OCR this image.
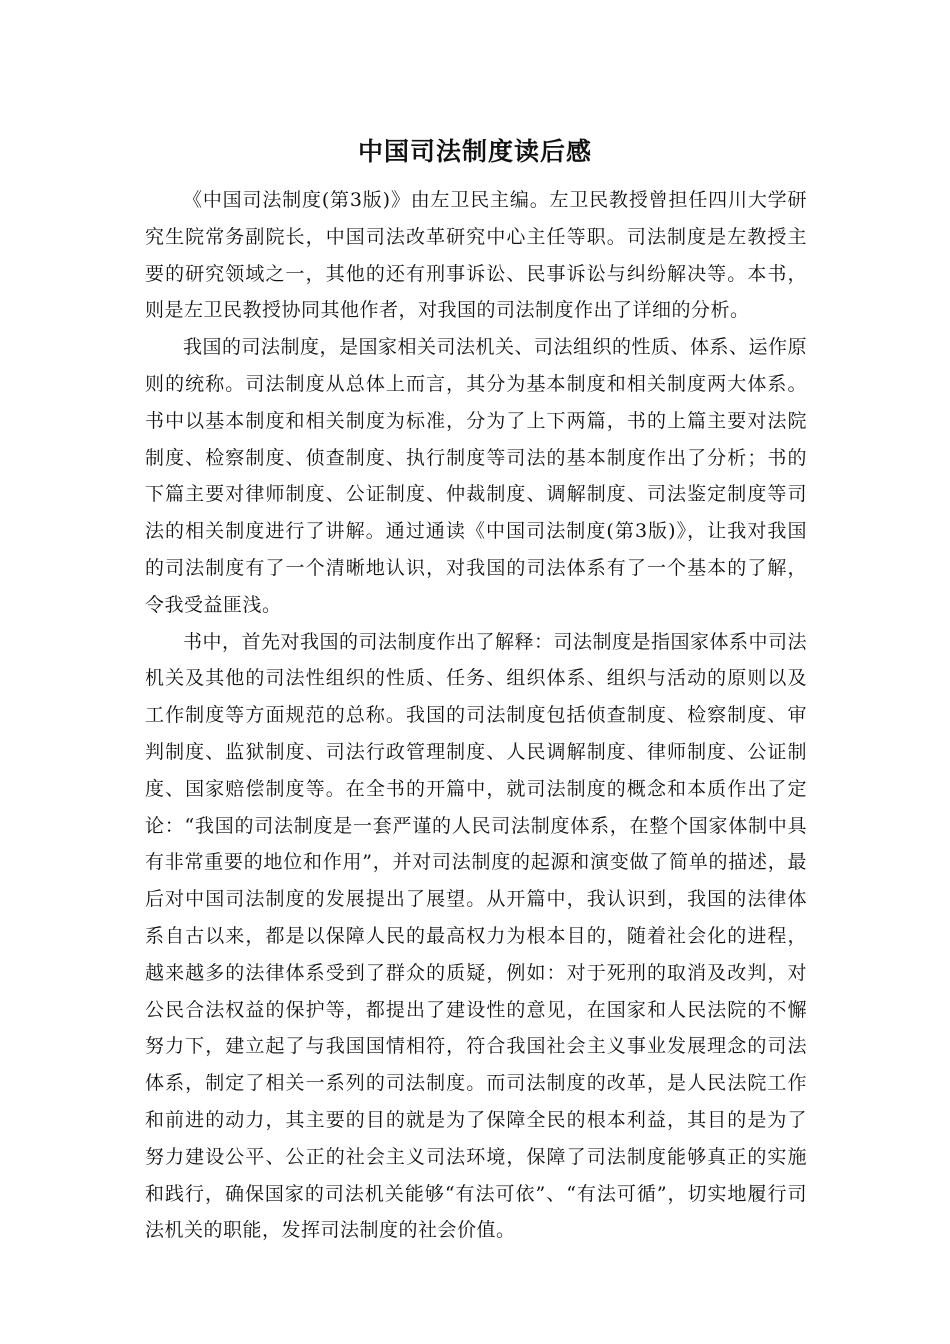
中国司法制度读后感

《中国司法制度(第3版)》由左卫民主编。左卫民教授曾担任四川大学研究生院常务副院长，中国司法改革研究中心主任等职。司法制度是左教授主要的研究领域之一，其他的还有刑事诉讼、民事诉讼与纠纷解决等。本书，则是左卫民教授协同其他作者，对我国的司法制度作出了详细的分析。

我国的司法制度，是国家相关司法机关、司法组织的性质、体系、运作原则的统称。司法制度从总体上而言，其分为基本制度和相关制度两大体系。书中以基本制度和相关制度为标准，分为了上下两篇，书的上篇主要对法院制度、检察制度、侦查制度、执行制度等司法的基本制度作出了分析；书的下篇主要对律师制度、公证制度、仲裁制度、调解制度、司法鉴定制度等司法的相关制度进行了讲解。通过通读《中国司法制度(第3版)》，让我对我国的司法制度有了一个清晰地认识，对我国的司法体系有了一个基本的了解，令我受益匪浅。

书中，首先对我国的司法制度作出了解释：司法制度是指国家体系中司法机关及其他的司法性组织的性质、任务、组织体系、组织与活动的原则以及工作制度等方面规范的总称。我国的司法制度包括侦查制度、检察制度、审判制度、监狱制度、司法行政管理制度、人民调解制度、律师制度、公证制度、国家赔偿制度等。在全书的开篇中，就司法制度的概念和本质作出了定论：“我国的司法制度是一套严谨的人民司法制度体系，在整个国家体制中具有非常重要的地位和作用”，并对司法制度的起源和演变做了简单的描述，最后对中国司法制度的发展提出了展望。从开篇中，我认识到，我国的法律体系自古以来，都是以保障人民的最高权力为根本目的，随着社会化的进程，越来越多的法律体系受到了群众的质疑，例如：对于死刑的取消及改判，对公民合法权益的保护等，都提出了建设性的意见，在国家和人民法院的不懈努力下，建立起了与我国国情相符，符合我国社会主义事业发展理念的司法体系，制定了相关一系列的司法制度。而司法制度的改革，是人民法院工作和前进的动力，其主要的目的就是为了保障全民的根本利益，其目的是为了努力建设公平、公正的社会主义司法环境，保障了司法制度能够真正的实施和践行，确保国家的司法机关能够“有法可依”、“有法可循”，切实地履行司法机关的职能，发挥司法制度的社会价值。
